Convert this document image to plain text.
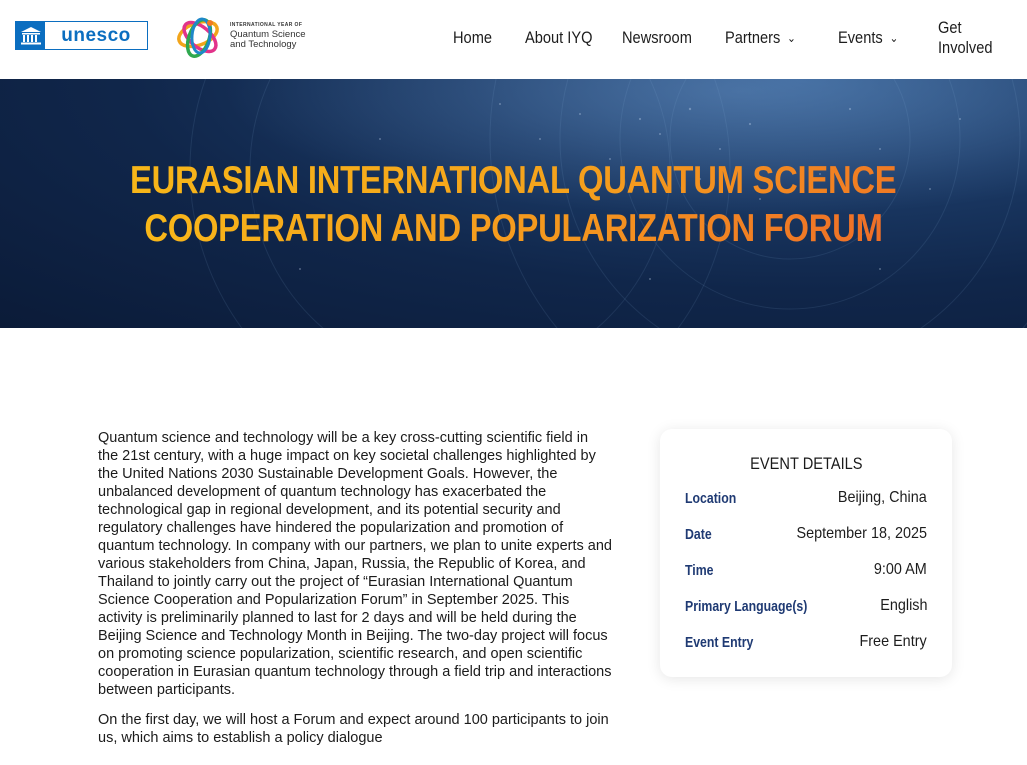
unesco	INTERNATIONAL YEAR OF
Quantum Science
and Technology	Home About IYQ Newsroom Partners ⌄ Events ⌄
Get Involved
EURASIAN INTERNATIONAL QUANTUM SCIENCE
COOPERATION AND POPULARIZATION FORUM

Quantum science and technology will be a key cross-cutting scientific field in the 21st century, with a huge impact on key societal challenges highlighted by the United Nations 2030 Sustainable Development Goals. However, the unbalanced development of quantum technology has exacerbated the technological gap in regional development, and its potential security and regulatory challenges have hindered the popularization and promotion of quantum technology. In company with our partners, we plan to unite experts and various stakeholders from China, Japan, Russia, the Republic of Korea, and Thailand to jointly carry out the project of “Eurasian International Quantum Science Cooperation and Popularization Forum” in September 2025. This activity is preliminarily planned to last for 2 days and will be held during the Beijing Science and Technology Month in Beijing. The two-day project will focus on promoting science popularization, scientific research, and open scientific cooperation in Eurasian quantum technology through a field trip and interactions between participants.

On the first day, we will host a Forum and expect around 100 participants to join us, which aims to establish a policy dialogue

EVENT DETAILS
Location	Beijing, China
Date	September 18, 2025
Time	9:00 AM
Primary Language(s)	English
Event Entry	Free Entry
